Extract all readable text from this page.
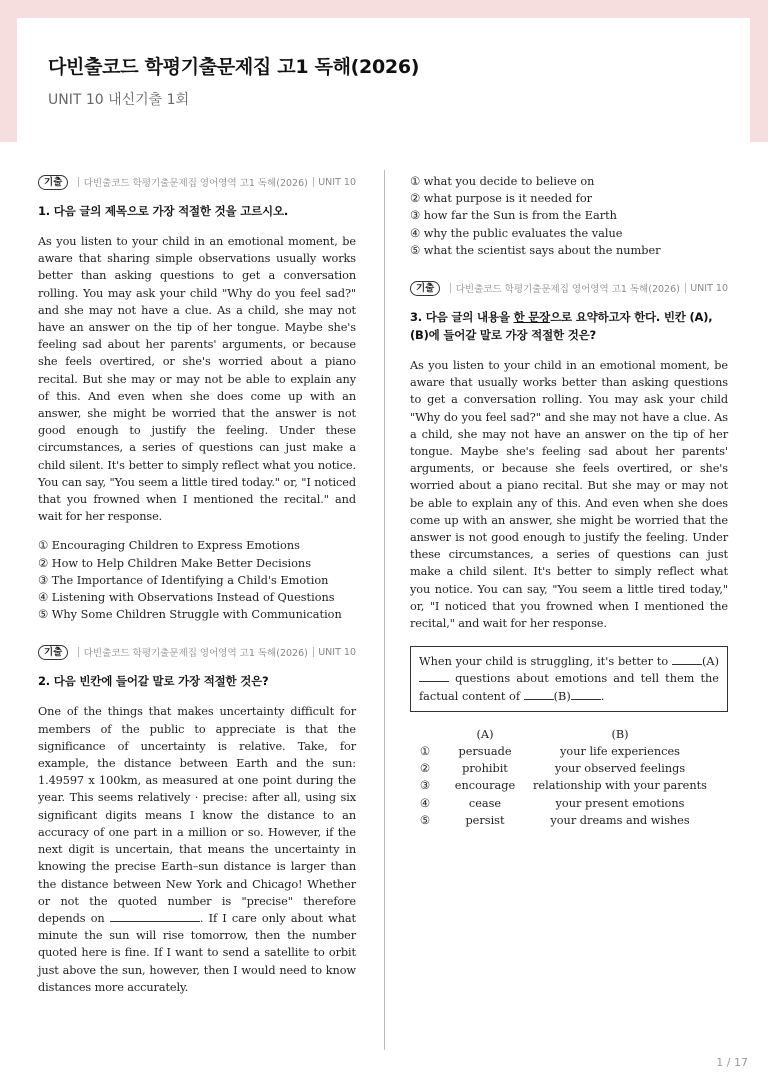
다빈출코드 학평기출문제집 고1 독해(2026)
UNIT 10 내신기출 1회
기출	다빈출코드 학평기출문제집 영어영역 고1 독해(2026) UNIT 10
1. 다음 글의 제목으로 가장 적절한 것을 고르시오.
As you listen to your child in an emotional moment, be aware that sharing simple observations usually works better than asking questions to get a conversation rolling. You may ask your child "Why do you feel sad?" and she may not have a clue. As a child, she may not have an answer on the tip of her tongue. Maybe she's feeling sad about her parents' arguments, or because she feels overtired, or she's worried about a piano recital. But she may or may not be able to explain any of this. And even when she does come up with an answer, she might be worried that the answer is not good enough to justify the feeling. Under these circumstances, a series of questions can just make a child silent. It's better to simply reflect what you notice. You can say, "You seem a little tired today." or, "I noticed that you frowned when I mentioned the recital." and wait for her response.
① Encouraging Children to Express Emotions
② How to Help Children Make Better Decisions
③ The Importance of Identifying a Child's Emotion
④ Listening with Observations Instead of Questions
⑤ Why Some Children Struggle with Communication
기출	다빈출코드 학평기출문제집 영어영역 고1 독해(2026) UNIT 10
2. 다음 빈칸에 들어갈 말로 가장 적절한 것은?
One of the things that makes uncertainty difficult for members of the public to appreciate is that the significance of uncertainty is relative. Take, for example, the distance between Earth and the sun: 1.49597 x 100km, as measured at one point during the year. This seems relatively · precise: after all, using six significant digits means I know the distance to an accuracy of one part in a million or so. However, if the next digit is uncertain, that means the uncertainty in knowing the precise Earth–sun distance is larger than the distance between New York and Chicago! Whether or not the quoted number is "precise" therefore depends on	. If I care only about what minute the sun will rise tomorrow, then the number quoted here is fine. If I want to send a satellite to orbit just above the sun, however, then I would need to know distances more accurately.
① what you decide to believe on
② what purpose is it needed for
③ how far the Sun is from the Earth
④ why the public evaluates the value
⑤ what the scientist says about the number
기출	다빈출코드 학평기출문제집 영어영역 고1 독해(2026) UNIT 10
3. 다음 글의 내용을 한 문장으로 요약하고자 한다. 빈칸 (A), (B)에 들어갈 말로 가장 적절한 것은?
As you listen to your child in an emotional moment, be aware that usually works better than asking questions to get a conversation rolling. You may ask your child "Why do you feel sad?" and she may not have a clue. As a child, she may not have an answer on the tip of her tongue. Maybe she's feeling sad about her parents' arguments, or because she feels overtired, or she's worried about a piano recital. But she may or may not be able to explain any of this. And even when she does come up with an answer, she might be worried that the answer is not good enough to justify the feeling. Under these circumstances, a series of questions can just make a child silent. It's better to simply reflect what you notice. You can say, "You seem a little tired today," or, "I noticed that you frowned when I mentioned the recital," and wait for her response.
When your child is struggling, it's better to	(A) questions about emotions and tell them the factual content of	(B)	.
	(A)	(B)
①	persuade	your life experiences
②	prohibit	your observed feelings
③	encourage	relationship with your parents
④	cease	your present emotions
⑤	persist	your dreams and wishes
1 / 17
